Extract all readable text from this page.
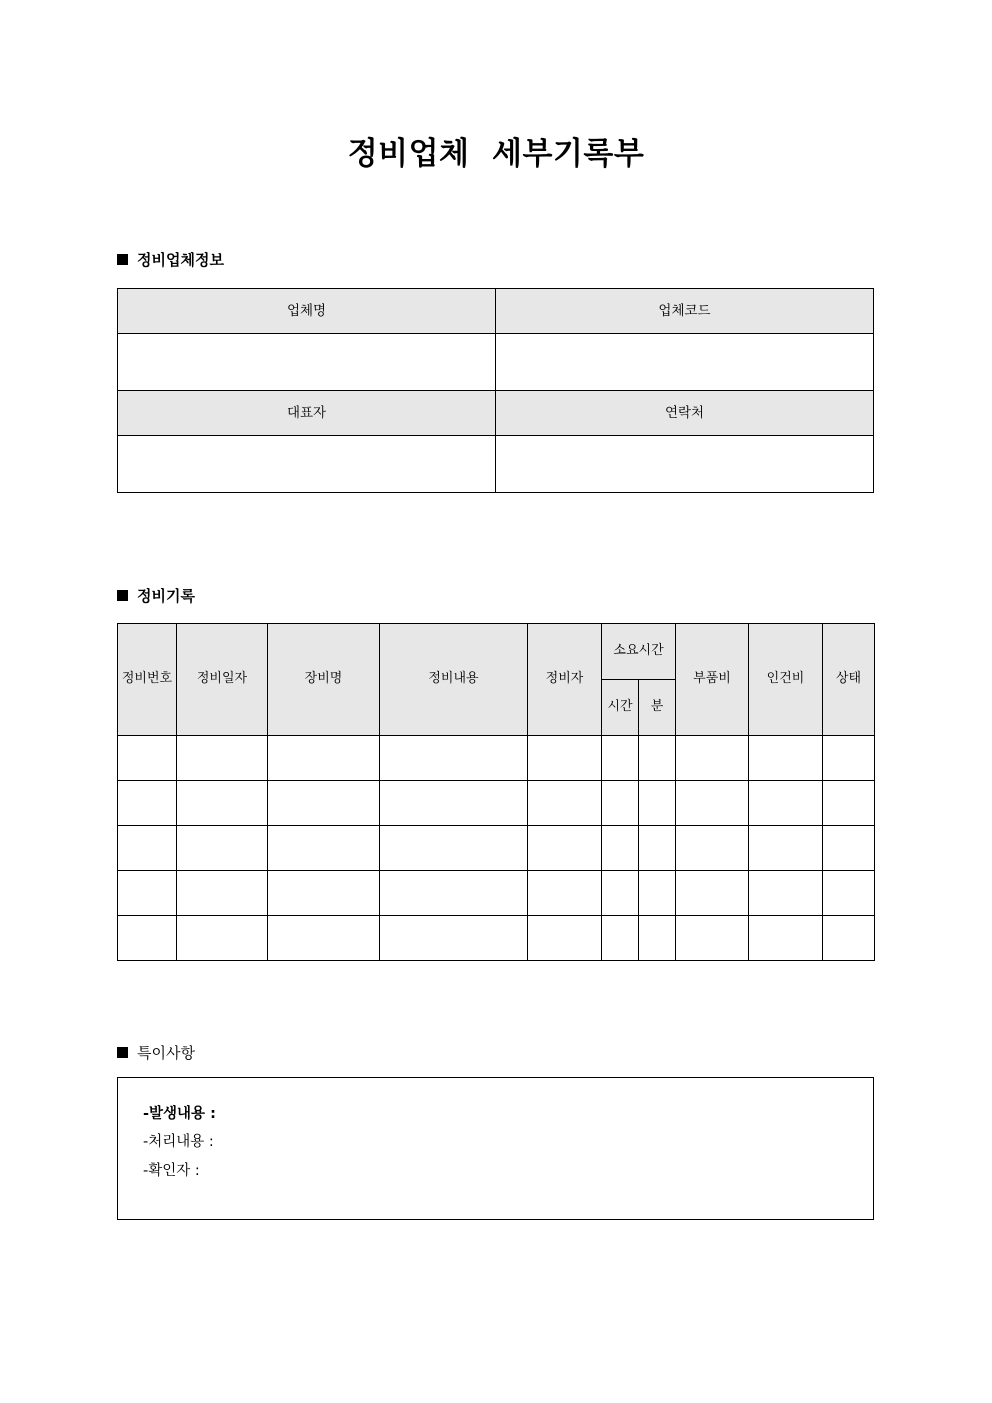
정비업체  세부기록부
정비업체정보
업체명	업체코드

대표자	연락처

정비기록
정비번호	정비일자	장비명	정비내용	정비자	소요시간		부품비	인건비	상태
					시간	분			

특이사항
-발생내용 :
-처리내용 :
-확인자 :
